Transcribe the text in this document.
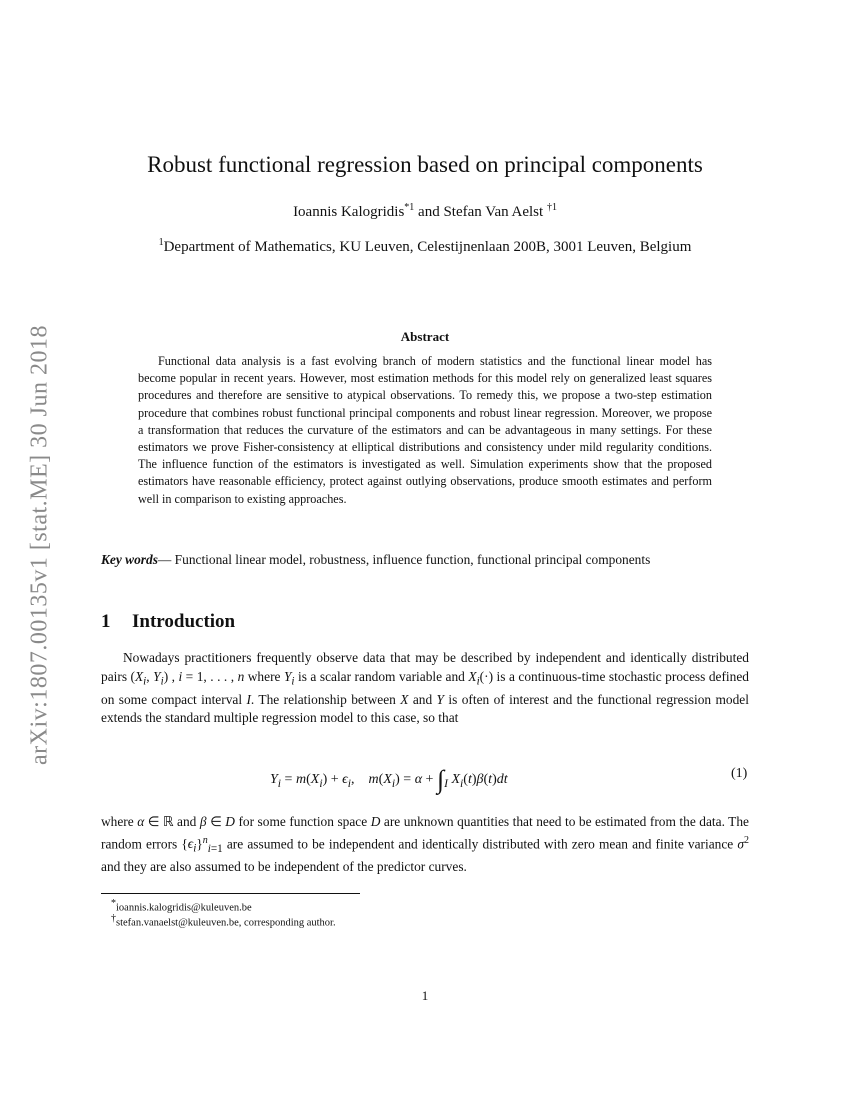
arXiv:1807.00135v1 [stat.ME] 30 Jun 2018
Robust functional regression based on principal components
Ioannis Kalogridis$^{*1}$ and Stefan Van Aelst $^{\dagger 1}$
$^1$Department of Mathematics, KU Leuven, Celestijnenlaan 200B, 3001 Leuven, Belgium
Abstract

Functional data analysis is a fast evolving branch of modern statistics and the functional linear model has become popular in recent years. However, most estimation methods for this model rely on generalized least squares procedures and therefore are sensitive to atypical observations. To remedy this, we propose a two-step estimation procedure that combines robust functional principal components and robust linear regression. Moreover, we propose a transformation that reduces the curvature of the estimators and can be advantageous in many settings. For these estimators we prove Fisher-consistency at elliptical distributions and consistency under mild regularity conditions. The influence function of the estimators is investigated as well. Simulation experiments show that the proposed estimators have reasonable efficiency, protect against outlying observations, produce smooth estimates and perform well in comparison to existing approaches.

Key words— Functional linear model, robustness, influence function, functional principal components
1 Introduction

Nowadays practitioners frequently observe data that may be described by independent and identically distributed pairs ($X_i$, $Y_i$) , i = 1, . . . , n where $Y_i$ is a scalar random variable and $X_i(\cdot)$ is a continuous-time stochastic process defined on some compact interval I. The relationship between X and Y is often of interest and the functional regression model extends the standard multiple regression model to this case, so that

$Y_i = m(X_i) + \epsilon_i$,    $m(X_i) = \alpha + \int_I$ $X_i(t)\beta(t)dt$	(1)

where α ∈ ℝ and β ∈ D for some function space D are unknown quantities that need to be estimated from the data. The random errors $\{\epsilon_i\}^n_{i=1}$ are assumed to be independent and identically distributed with zero mean and finite variance $\sigma^2$ and they are also assumed to be independent of the predictor curves.

*ioannis.kalogridis@kuleuven.be
†stefan.vanaelst@kuleuven.be, corresponding author.
1
